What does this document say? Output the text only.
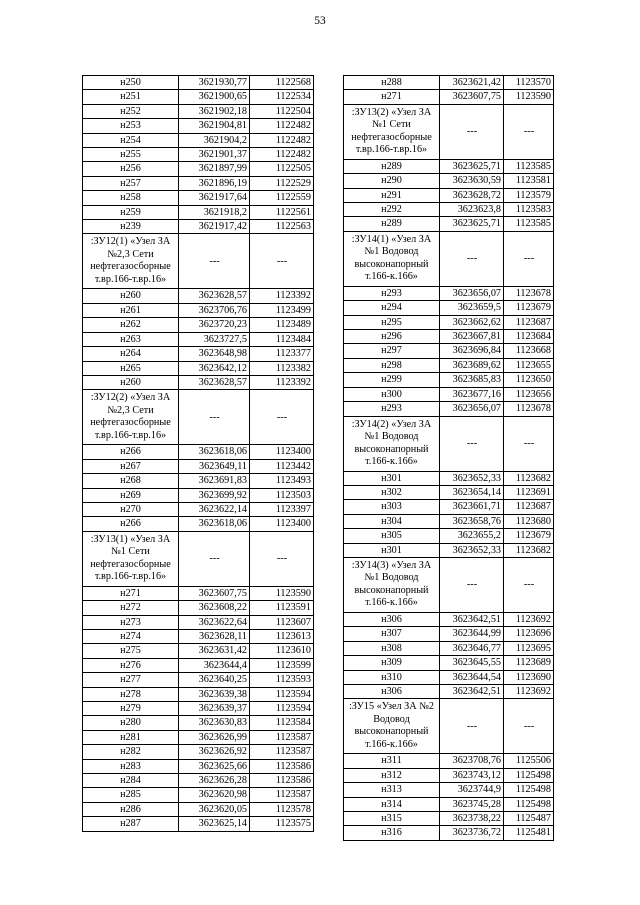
53
н250	3621930,77	1122568
н251	3621900,65	1122534
н252	3621902,18	1122504
н253	3621904,81	1122482
н254	3621904,2	1122482
н255	3621901,37	1122482
н256	3621897,99	1122505
н257	3621896,19	1122529
н258	3621917,64	1122559
н259	3621918,2	1122561
н239	3621917,42	1122563
:ЗУ12(1) «Узел ЗА №2,3 Сети нефтегазосборные т.вр.166-т.вр.16»	---	---
н260	3623628,57	1123392
н261	3623706,76	1123499
н262	3623720,23	1123489
н263	3623727,5	1123484
н264	3623648,98	1123377
н265	3623642,12	1123382
н260	3623628,57	1123392
:ЗУ12(2) «Узел ЗА №2,3 Сети нефтегазосборные т.вр.166-т.вр.16»	---	---
н266	3623618,06	1123400
н267	3623649,11	1123442
н268	3623691,83	1123493
н269	3623699,92	1123503
н270	3623622,14	1123397
н266	3623618,06	1123400
:ЗУ13(1) «Узел ЗА №1 Сети нефтегазосборные т.вр.166-т.вр.16»	---	---
н271	3623607,75	1123590
н272	3623608,22	1123591
н273	3623622,64	1123607
н274	3623628,11	1123613
н275	3623631,42	1123610
н276	3623644,4	1123599
н277	3623640,25	1123593
н278	3623639,38	1123594
н279	3623639,37	1123594
н280	3623630,83	1123584
н281	3623626,99	1123587
н282	3623626,92	1123587
н283	3623625,66	1123586
н284	3623626,28	1123586
н285	3623620,98	1123587
н286	3623620,05	1123578
н287	3623625,14	1123575
н288	3623621,42	1123570
н271	3623607,75	1123590
:ЗУ13(2) «Узел ЗА №1 Сети нефтегазосборные т.вр.166-т.вр.16»	---	---
н289	3623625,71	1123585
н290	3623630,59	1123581
н291	3623628,72	1123579
н292	3623623,8	1123583
н289	3623625,71	1123585
:ЗУ14(1) «Узел ЗА №1 Водовод высоконапорный т.166-к.166»	---	---
н293	3623656,07	1123678
н294	3623659,5	1123679
н295	3623662,62	1123687
н296	3623667,81	1123684
н297	3623696,84	1123668
н298	3623689,62	1123655
н299	3623685,83	1123650
н300	3623677,16	1123656
н293	3623656,07	1123678
:ЗУ14(2) «Узел ЗА №1 Водовод высоконапорный т.166-к.166»	---	---
н301	3623652,33	1123682
н302	3623654,14	1123691
н303	3623661,71	1123687
н304	3623658,76	1123680
н305	3623655,2	1123679
н301	3623652,33	1123682
:ЗУ14(3) «Узел ЗА №1 Водовод высоконапорный т.166-к.166»	---	---
н306	3623642,51	1123692
н307	3623644,99	1123696
н308	3623646,77	1123695
н309	3623645,55	1123689
н310	3623644,54	1123690
н306	3623642,51	1123692
:ЗУ15 «Узел ЗА №2 Водовод высоконапорный т.166-к.166»	---	---
н311	3623708,76	1125506
н312	3623743,12	1125498
н313	3623744,9	1125498
н314	3623745,28	1125498
н315	3623738,22	1125487
н316	3623736,72	1125481
